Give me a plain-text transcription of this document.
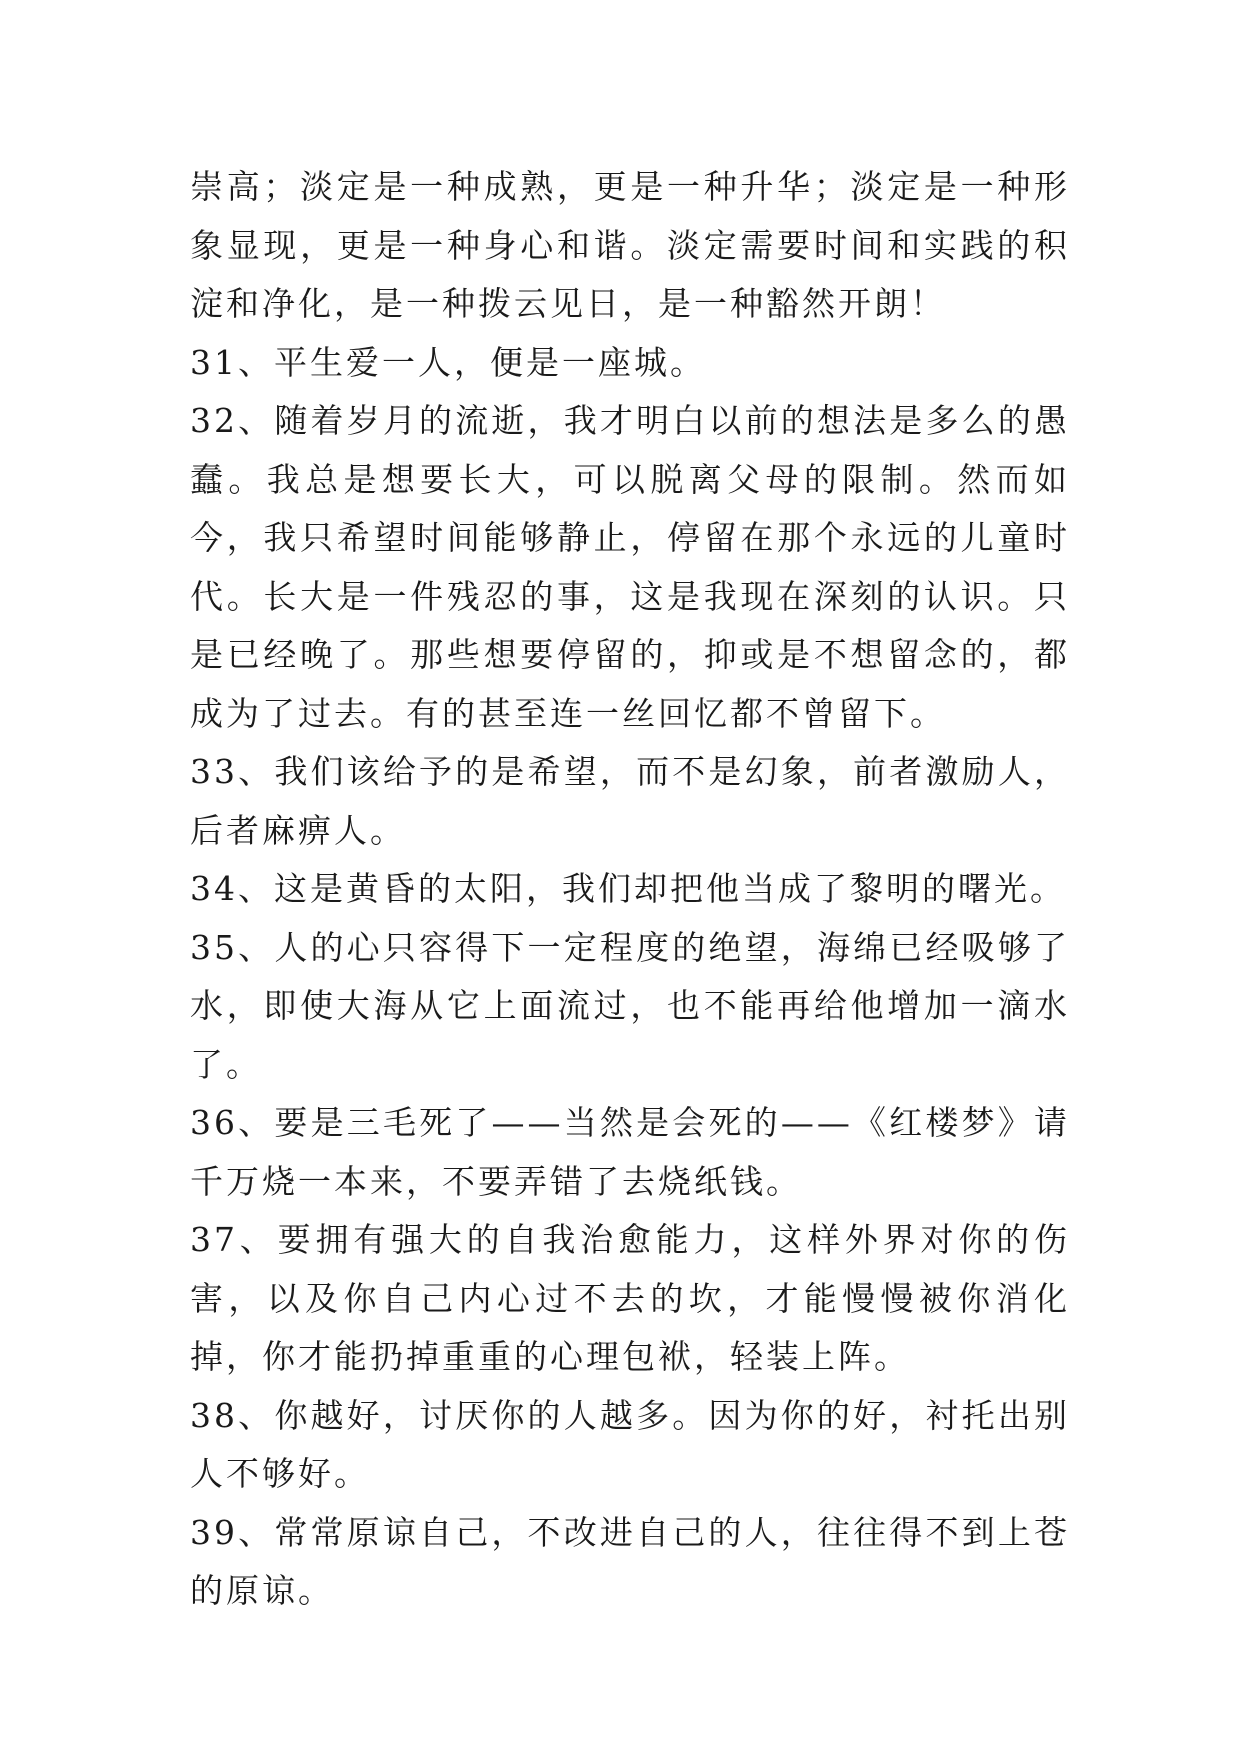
崇高；淡定是一种成熟，更是一种升华；淡定是一种形象显现，更是一种身心和谐。淡定需要时间和实践的积淀和净化，是一种拨云见日，是一种豁然开朗！

31、平生爱一人，便是一座城。

32、随着岁月的流逝，我才明白以前的想法是多么的愚蠢。我总是想要长大，可以脱离父母的限制。然而如今，我只希望时间能够静止，停留在那个永远的儿童时代。长大是一件残忍的事，这是我现在深刻的认识。只是已经晚了。那些想要停留的，抑或是不想留念的，都成为了过去。有的甚至连一丝回忆都不曾留下。

33、我们该给予的是希望，而不是幻象，前者激励人，后者麻痹人。

34、这是黄昏的太阳，我们却把他当成了黎明的曙光。

35、人的心只容得下一定程度的绝望，海绵已经吸够了水，即使大海从它上面流过，也不能再给他增加一滴水了。

36、要是三毛死了——当然是会死的——《红楼梦》请千万烧一本来，不要弄错了去烧纸钱。

37、要拥有强大的自我治愈能力，这样外界对你的伤害，以及你自己内心过不去的坎，才能慢慢被你消化掉，你才能扔掉重重的心理包袱，轻装上阵。

38、你越好，讨厌你的人越多。因为你的好，衬托出别人不够好。

39、常常原谅自己，不改进自己的人，往往得不到上苍的原谅。
